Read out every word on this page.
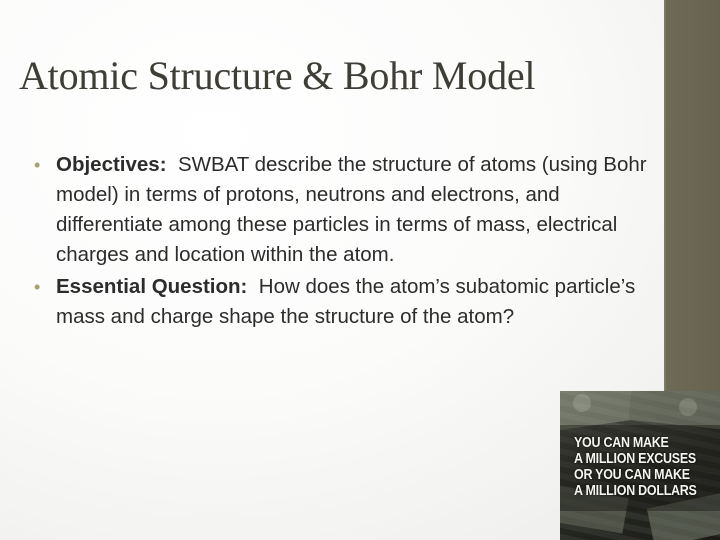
Atomic Structure & Bohr Model
• Objectives: SWBAT describe the structure of atoms (using Bohr model) in terms of protons, neutrons and electrons, and differentiate among these particles in terms of mass, electrical charges and location within the atom.
• Essential Question: How does the atom’s subatomic particle’s mass and charge shape the structure of the atom?
YOU CAN MAKE
A MILLION EXCUSES
OR YOU CAN MAKE
A MILLION DOLLARS
